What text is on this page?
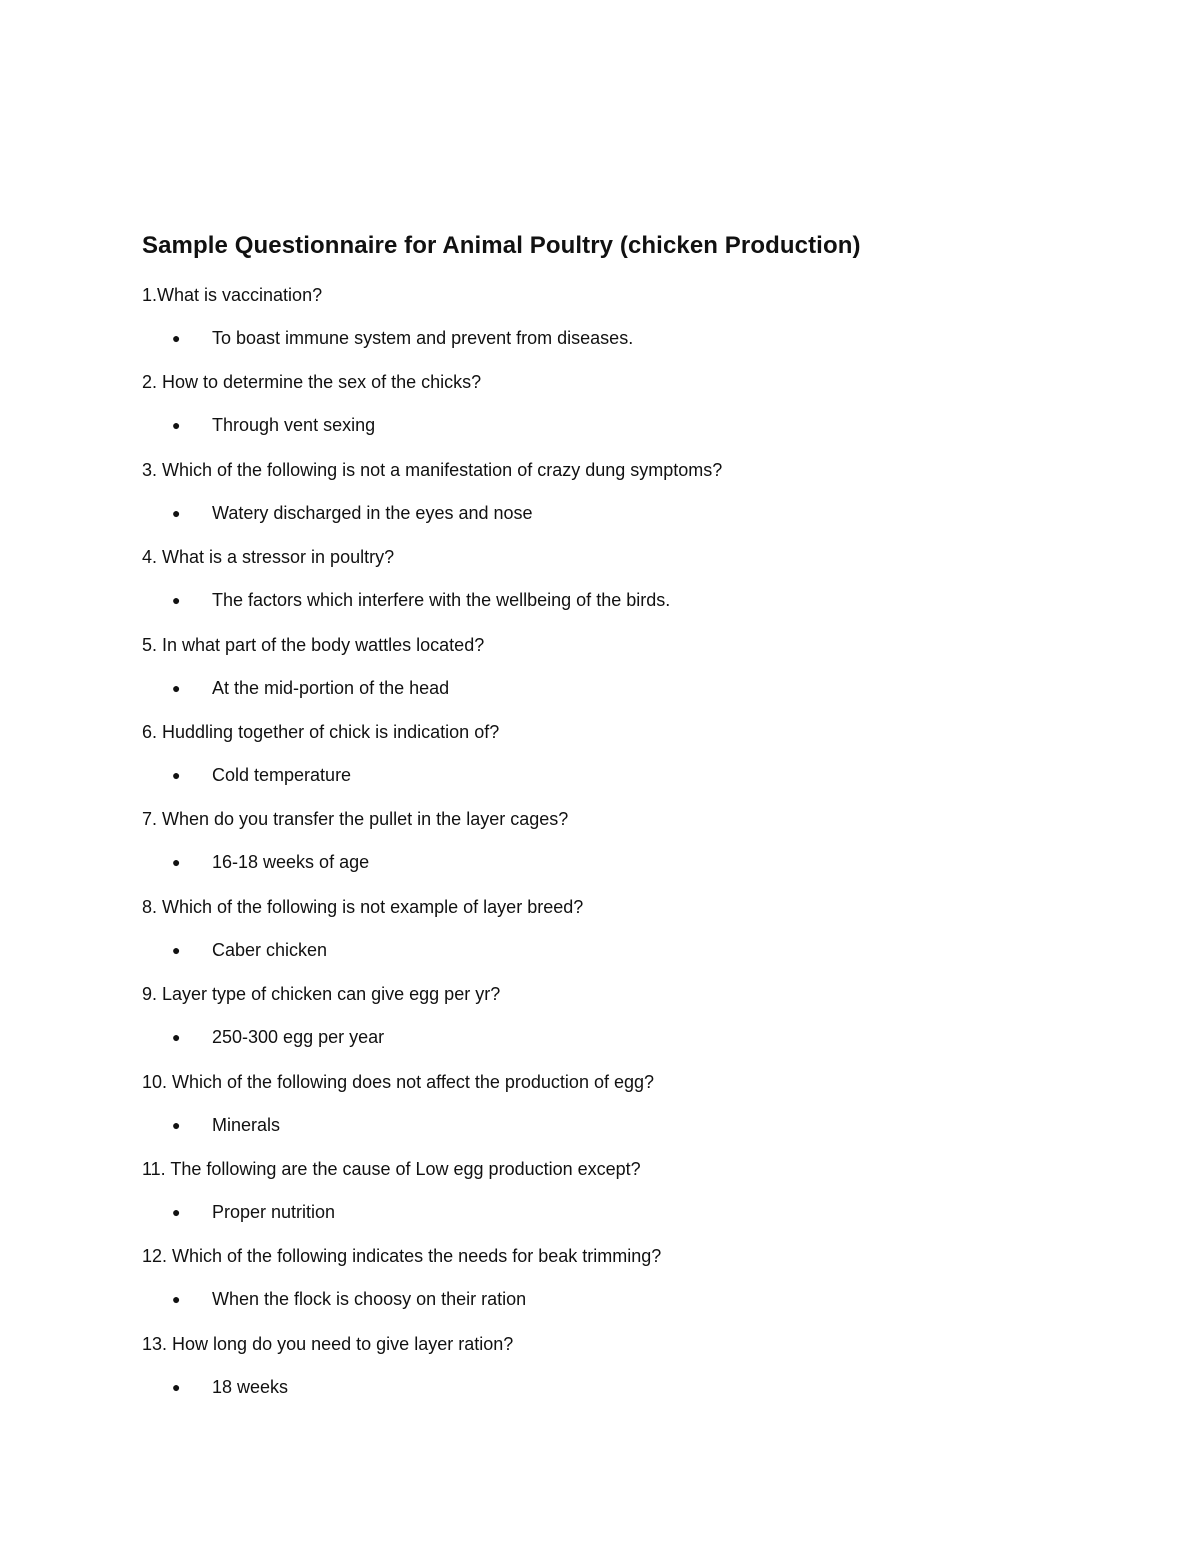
Sample Questionnaire for Animal Poultry (chicken Production)

1.What is vaccination?

●	To boast immune system and prevent from diseases.

2. How to determine the sex of the chicks?

●	Through vent sexing

3. Which of the following is not a manifestation of crazy dung symptoms?

●	Watery discharged in the eyes and nose

4. What is a stressor in poultry?

●	The factors which interfere with the wellbeing of the birds.

5. In what part of the body wattles located?

●	At the mid-portion of the head

6. Huddling together of chick is indication of?

●	Cold temperature

7. When do you transfer the pullet in the layer cages?

●	16-18 weeks of age

8. Which of the following is not example of layer breed?

●	Caber chicken

9. Layer type of chicken can give egg per yr?

●	250-300 egg per year

10. Which of the following does not affect the production of egg?

●	Minerals

11. The following are the cause of Low egg production except?

●	Proper nutrition

12. Which of the following indicates the needs for beak trimming?

●	When the flock is choosy on their ration

13. How long do you need to give layer ration?

●	18 weeks
